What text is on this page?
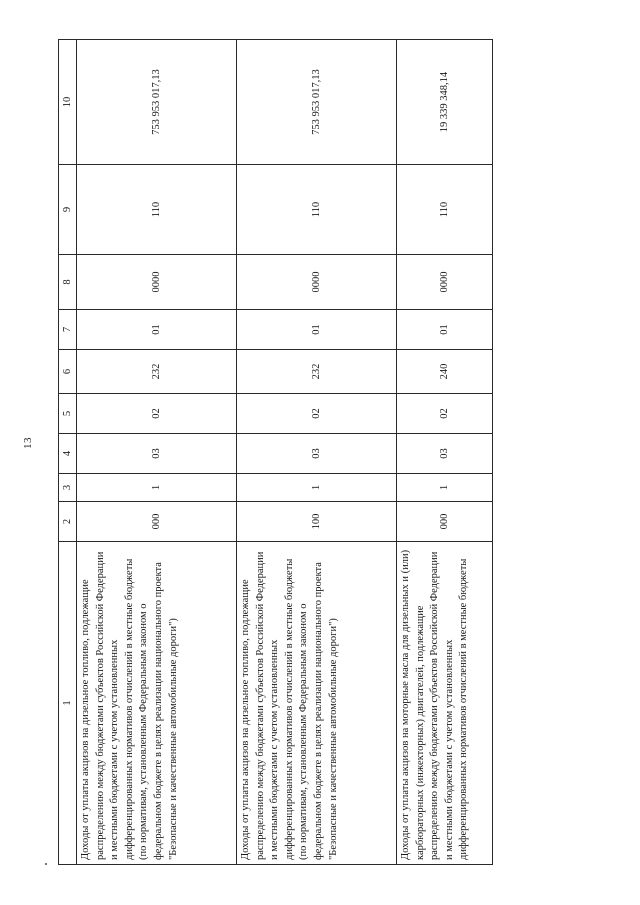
13
1	2	3	4	5	6	7	8	9	10
Доходы от уплаты акцизов на дизельное топливо, подлежащие распределению между бюджетами субъектов Российской Федерации и местными бюджетами с учетом установленных дифференцированных нормативов отчислений в местные бюджеты (по нормативам, установленным Федеральным законом о федеральном бюджете в целях реализации национального проекта "Безопасные и качественные автомобильные дороги")	000	1	03	02	232	01	0000	110	753 953 017,13
Доходы от уплаты акцизов на дизельное топливо, подлежащие распределению между бюджетами субъектов Российской Федерации и местными бюджетами с учетом установленных дифференцированных нормативов отчислений в местные бюджеты (по нормативам, установленным Федеральным законом о федеральном бюджете в целях реализации национального проекта "Безопасные и качественные автомобильные дороги")	100	1	03	02	232	01	0000	110	753 953 017,13
Доходы от уплаты акцизов на моторные масла для дизельных и (или) карбюраторных (инжекторных) двигателей, подлежащие распределению между бюджетами субъектов Российской Федерации и местными бюджетами с учетом установленных дифференцированных нормативов отчислений в местные бюджеты	000	1	03	02	240	01	0000	110	19 339 348,14
